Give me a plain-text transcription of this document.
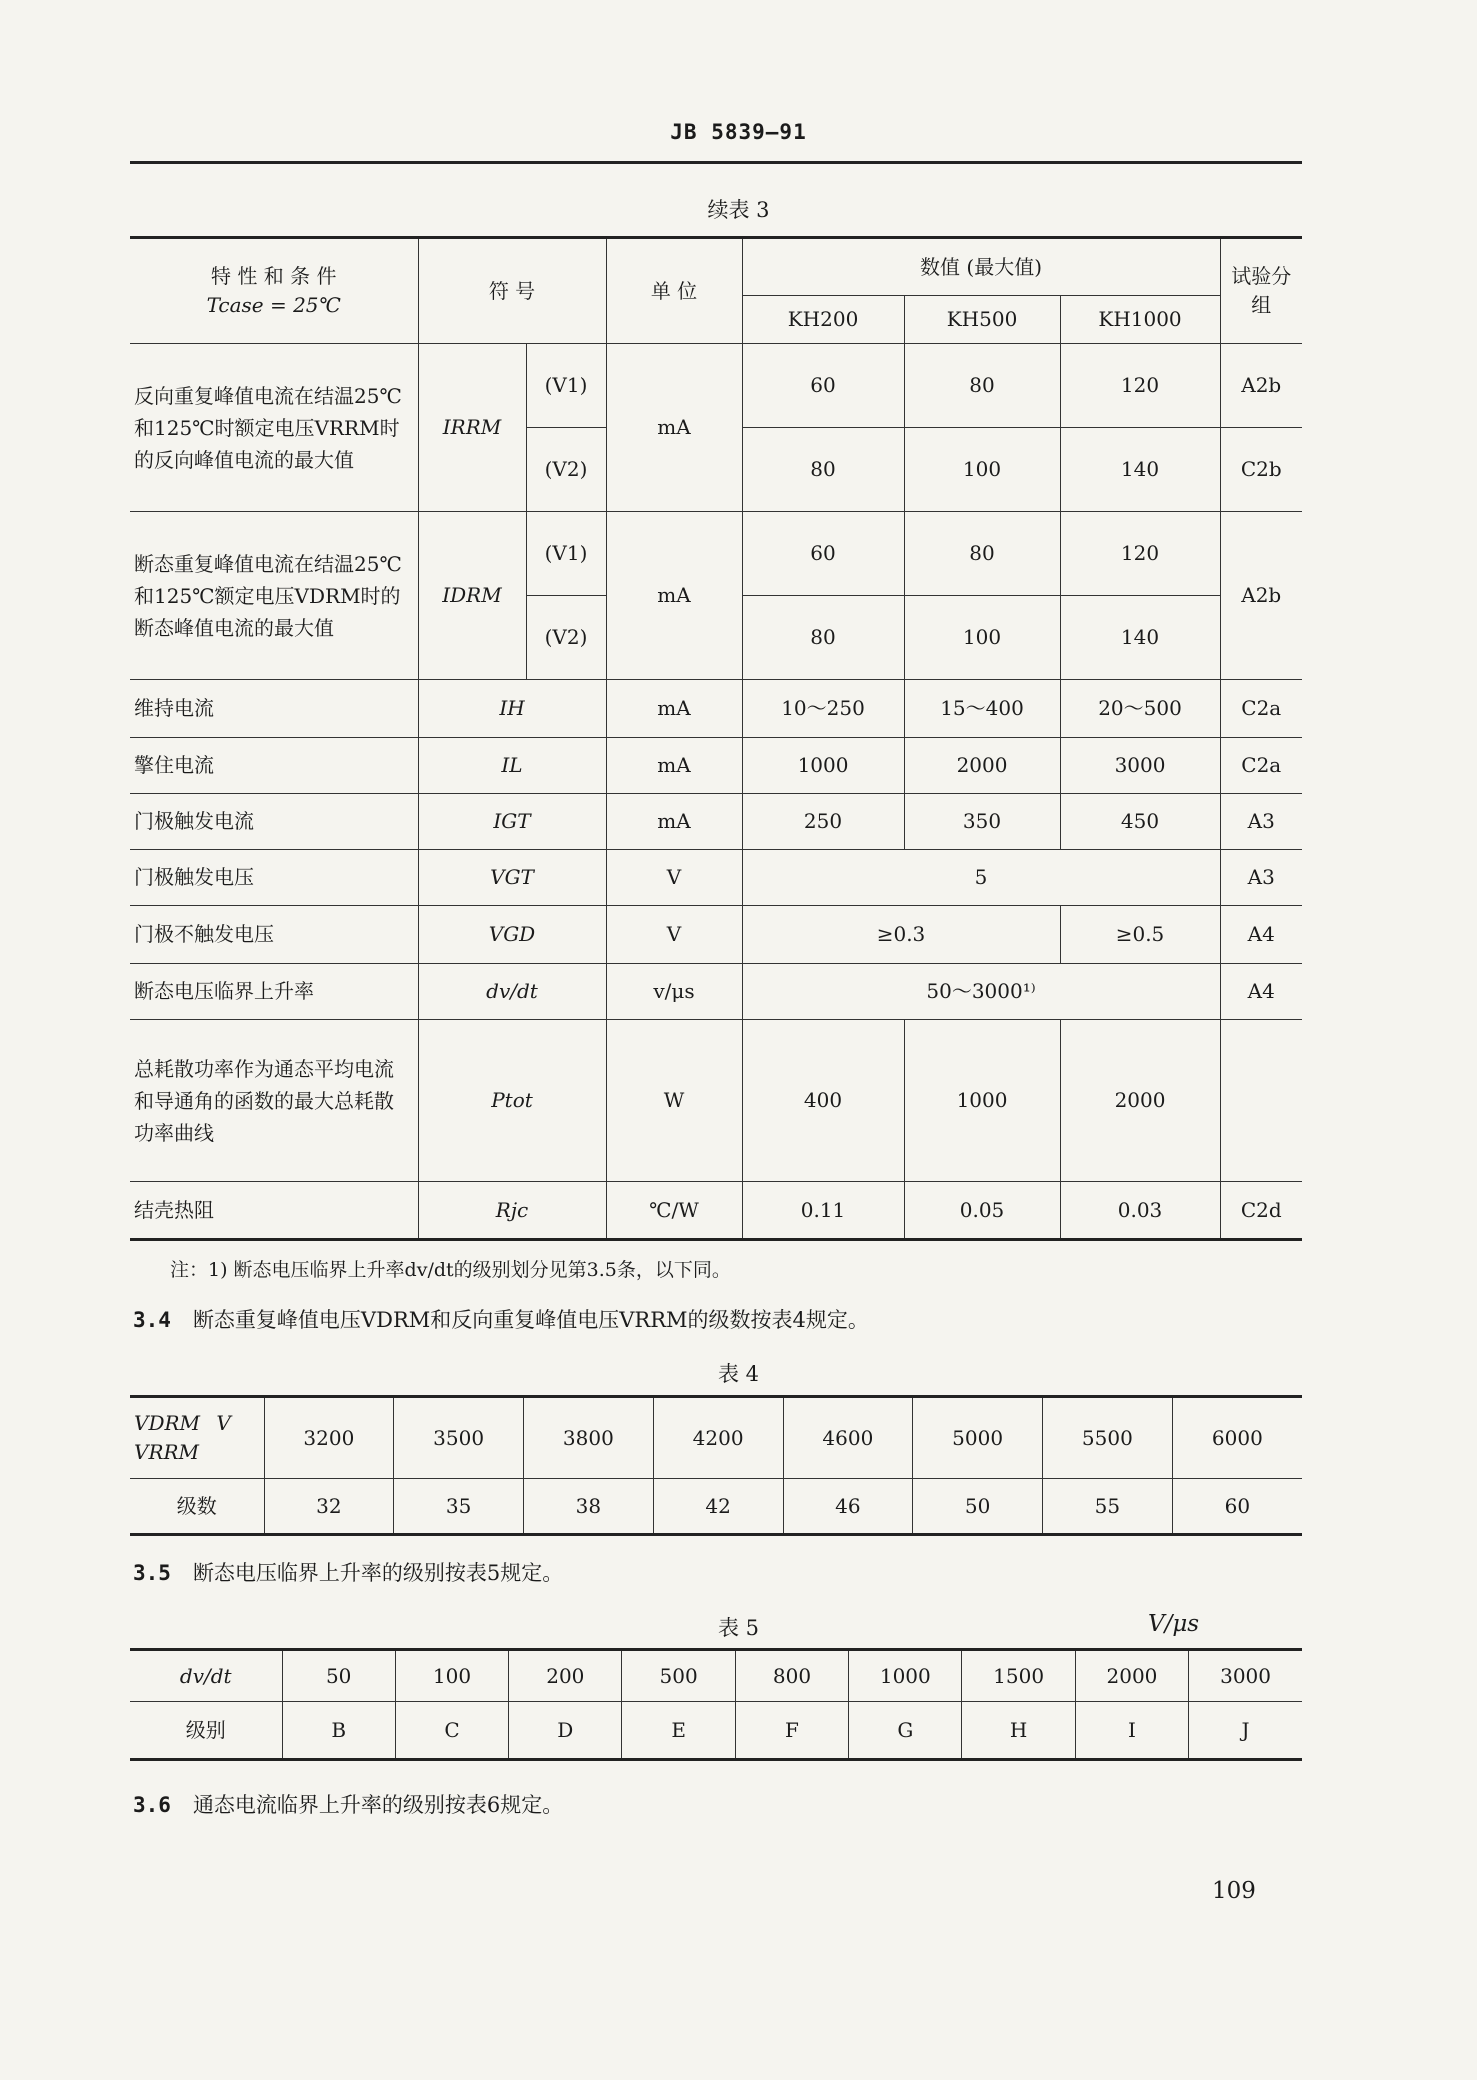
JB 5839—91
续表 3
特 性 和 条 件
Tcase = 25℃	符 号		单 位	数值 (最大值)			试验分组
				KH200	KH500	KH1000	
反向重复峰值电流在结温25℃和125℃时额定电压VRRM时的反向峰值电流的最大值	IRRM	(V1)	mA	60	80	120	A2b
		(V2)		80	100	140	C2b
断态重复峰值电流在结温25℃和125℃额定电压VDRM时的断态峰值电流的最大值	IDRM	(V1)	mA	60	80	120	A2b
		(V2)		80	100	140	
维持电流	IH		mA	10～250	15～400	20～500	C2a
擎住电流	IL		mA	1000	2000	3000	C2a
门极触发电流	IGT		mA	250	350	450	A3
门极触发电压	VGT		V	5			A3
门极不触发电压	VGD		V	≥0.3		≥0.5	A4
断态电压临界上升率	dv/dt		v/μs	50～3000¹⁾			A4
总耗散功率作为通态平均电流和导通角的函数的最大总耗散功率曲线	Ptot		W	400	1000	2000	
结壳热阻	Rjc		℃/W	0.11	0.05	0.03	C2d
注：1) 断态电压临界上升率dv/dt的级别划分见第3.5条，以下同。
3.4 断态重复峰值电压VDRM和反向重复峰值电压VRRM的级数按表4规定。
表 4
VDRM V
VRRM	3200	3500	3800	4200	4600	5000	5500	6000
级数	32	35	38	42	46	50	55	60
3.5 断态电压临界上升率的级别按表5规定。
表 5	V/μs
dv/dt	50	100	200	500	800	1000	1500	2000	3000
级别	B	C	D	E	F	G	H	I	J
3.6 通态电流临界上升率的级别按表6规定。
109
